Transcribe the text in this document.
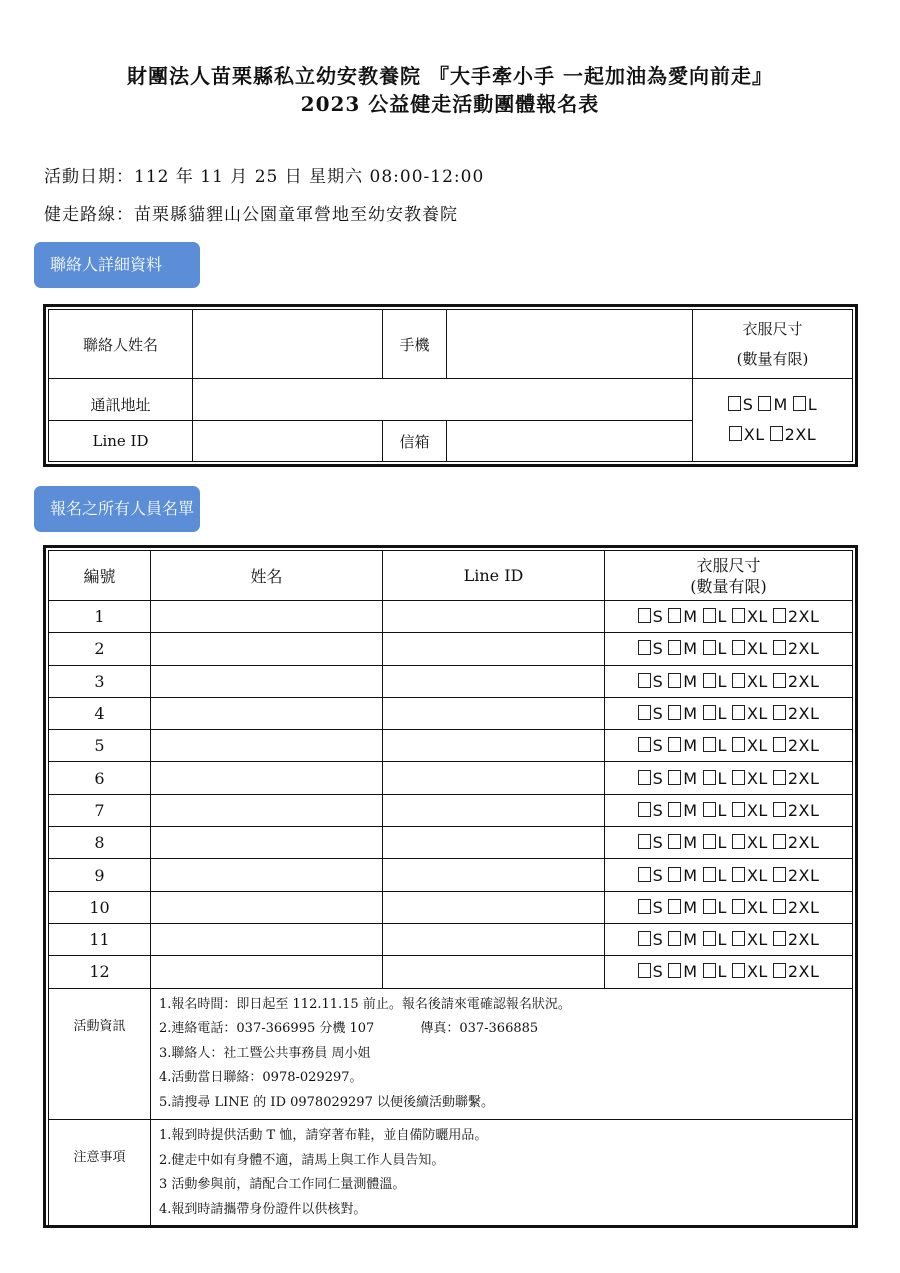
財團法人苗栗縣私立幼安教養院 『大手牽小手 一起加油為愛向前走』
2023 公益健走活動團體報名表
活動日期：112 年 11 月 25 日 星期六 08:00-12:00
健走路線：苗栗縣貓貍山公園童軍營地至幼安教養院
聯絡人詳細資料
聯絡人姓名		手機		衣服尺寸
(數量有限)

通訊地址				S M L
XL 2XL

Line ID		信箱		
報名之所有人員名單
編號	姓名	Line ID	衣服尺寸
(數量有限)

1			S M L XL 2XL
2			S M L XL 2XL
3			S M L XL 2XL
4			S M L XL 2XL
5			S M L XL 2XL
6			S M L XL 2XL
7			S M L XL 2XL
8			S M L XL 2XL
9			S M L XL 2XL
10			S M L XL 2XL
11			S M L XL 2XL
12			S M L XL 2XL
活動資訊	1.報名時間：即日起至 112.11.15 前止。報名後請來電確認報名狀況。
2.連絡電話：037-366995 分機 107 傳真：037-366885
3.聯絡人：社工暨公共事務員 周小姐
4.活動當日聯絡：0978-029297。
5.請搜尋 LINE 的 ID 0978029297 以便後續活動聯繫。		

注意事項	1.報到時提供活動 T 恤，請穿著布鞋，並自備防曬用品。
2.健走中如有身體不適，請馬上與工作人員告知。
3 活動參與前，請配合工作同仁量測體溫。
4.報到時請攜帶身份證件以供核對。		
